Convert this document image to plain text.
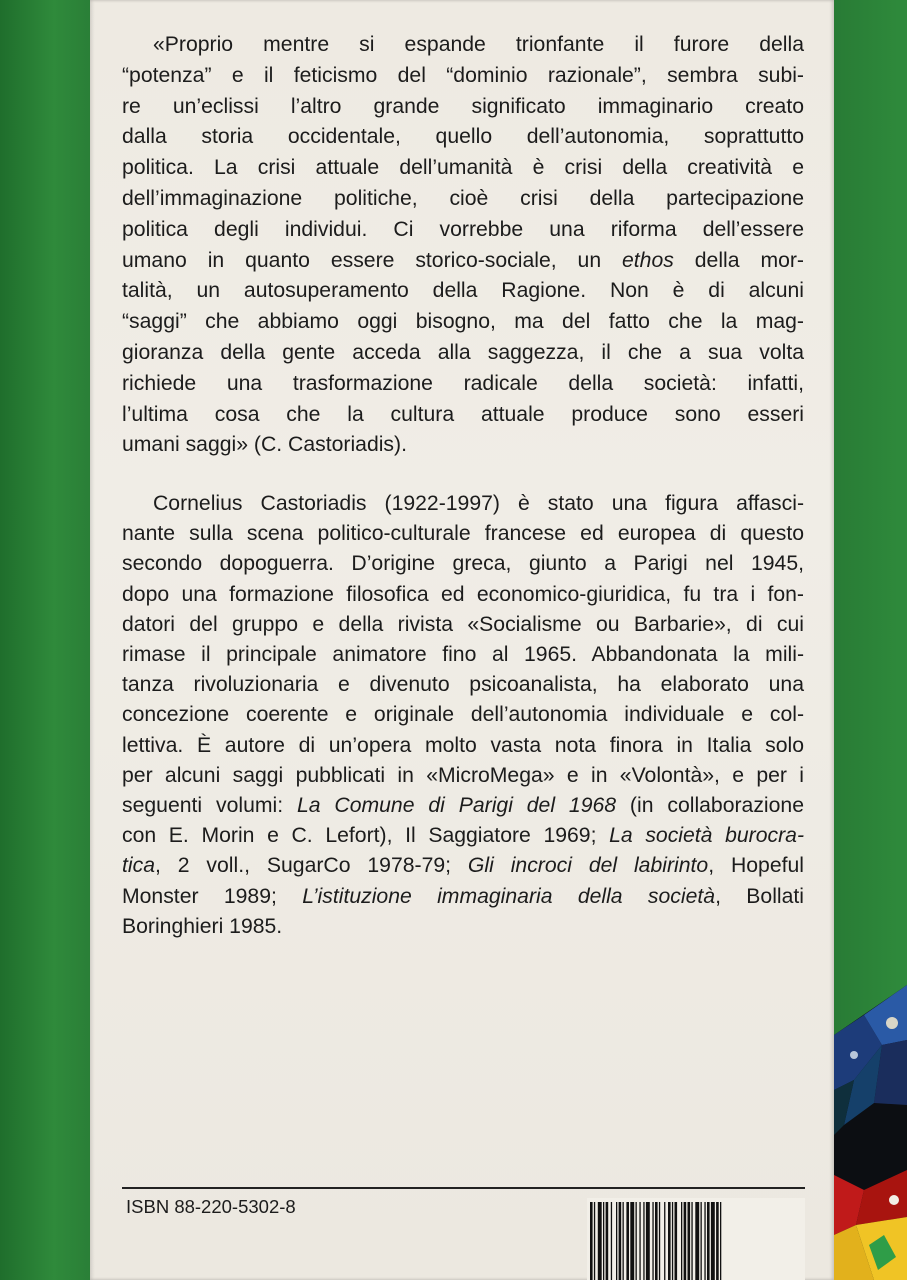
«Proprio mentre si espande trionfante il furore della
“potenza” e il feticismo del “dominio razionale”, sembra subi-
re un’eclissi l’altro grande significato immaginario creato
dalla storia occidentale, quello dell’autonomia, soprattutto
politica. La crisi attuale dell’umanità è crisi della creatività e
dell’immaginazione politiche, cioè crisi della partecipazione
politica degli individui. Ci vorrebbe una riforma dell’essere
umano in quanto essere storico-sociale, un ethos della mor-
talità, un autosuperamento della Ragione. Non è di alcuni
“saggi” che abbiamo oggi bisogno, ma del fatto che la mag-
gioranza della gente acceda alla saggezza, il che a sua volta
richiede una trasformazione radicale della società: infatti,
l’ultima cosa che la cultura attuale produce sono esseri
umani saggi» (C. Castoriadis).
Cornelius Castoriadis (1922-1997) è stato una figura affasci-
nante sulla scena politico-culturale francese ed europea di questo
secondo dopoguerra. D’origine greca, giunto a Parigi nel 1945,
dopo una formazione filosofica ed economico-giuridica, fu tra i fon-
datori del gruppo e della rivista «Socialisme ou Barbarie», di cui
rimase il principale animatore fino al 1965. Abbandonata la mili-
tanza rivoluzionaria e divenuto psicoanalista, ha elaborato una
concezione coerente e originale dell’autonomia individuale e col-
lettiva. È autore di un’opera molto vasta nota finora in Italia solo
per alcuni saggi pubblicati in «MicroMega» e in «Volontà», e per i
seguenti volumi: La Comune di Parigi del 1968 (in collaborazione
con E. Morin e C. Lefort), Il Saggiatore 1969; La società burocra-
tica, 2 voll., SugarCo 1978-79; Gli incroci del labirinto, Hopeful
Monster 1989; L’istituzione immaginaria della società, Bollati
Boringhieri 1985.
ISBN 88-220-5302-8
